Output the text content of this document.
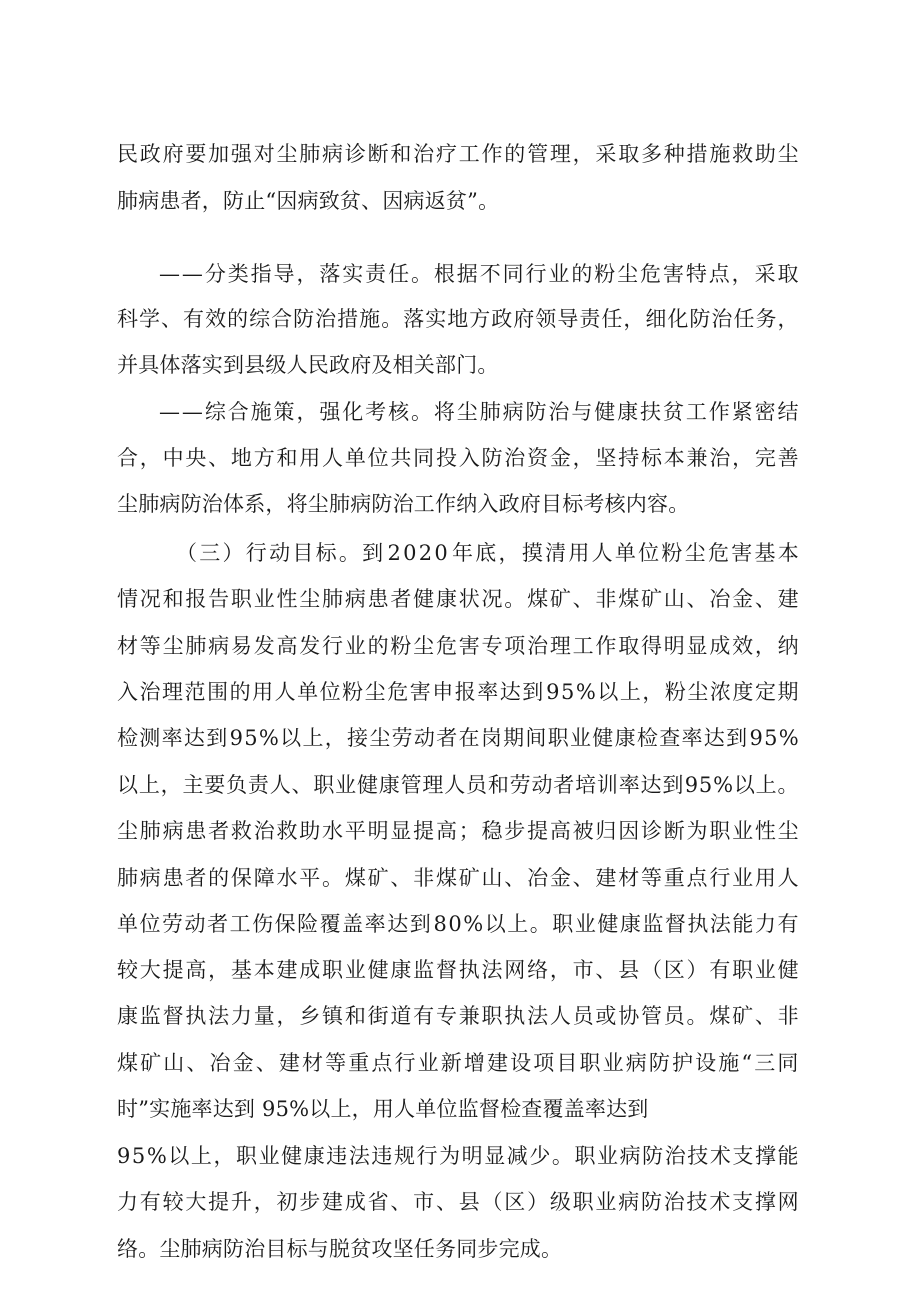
民 政 府 要 加 强 对 尘 肺 病 诊 断 和 治 疗 工 作 的 管 理 ， 采 取 多 种 措 施 救 助 尘
肺病患者，防止“因病致贫、因病返贫”。
— — 分 类 指 导 ， 落 实 责 任 。 根 据 不 同 行 业 的 粉 尘 危 害 特 点 ， 采 取
科 学 、 有 效 的 综 合 防 治 措 施 。 落 实 地 方 政 府 领 导 责 任 ， 细 化 防 治 任 务 ，
并具体落实到县级人民政府及相关部门。
— — 综 合 施 策 ， 强 化 考 核 。 将 尘 肺 病 防 治 与 健 康 扶 贫 工 作 紧 密 结
合 ， 中 央 、 地 方 和 用 人 单 位 共 同 投 入 防 治 资 金 ， 坚 持 标 本 兼 治 ， 完 善
尘肺病防治体系，将尘肺病防治工作纳入政府目标考核内容。
（ 三 ） 行 动 目 标 。 到 2 0 2 0 年 底 ， 摸 清 用 人 单 位 粉 尘 危 害 基 本
情 况 和 报 告 职 业 性 尘 肺 病 患 者 健 康 状 况 。 煤 矿 、 非 煤 矿 山 、 冶 金 、 建
材 等 尘 肺 病 易 发 高 发 行 业 的 粉 尘 危 害 专 项 治 理 工 作 取 得 明 显 成 效 ， 纳
入 治 理 范 围 的 用 人 单 位 粉 尘 危 害 申 报 率 达 到 9 5 % 以 上 ， 粉 尘 浓 度 定 期
检 测 率 达 到 9 5 % 以 上 ， 接 尘 劳 动 者 在 岗 期 间 职 业 健 康 检 查 率 达 到 9 5 %
以 上 ， 主 要 负 责 人 、 职 业 健 康 管 理 人 员 和 劳 动 者 培 训 率 达 到 9 5 % 以 上 。
尘 肺 病 患 者 救 治 救 助 水 平 明 显 提 高 ； 稳 步 提 高 被 归 因 诊 断 为 职 业 性 尘
肺 病 患 者 的 保 障 水 平 。 煤 矿 、 非 煤 矿 山 、 冶 金 、 建 材 等 重 点 行 业 用 人
单 位 劳 动 者 工 伤 保 险 覆 盖 率 达 到 8 0 % 以 上 。 职 业 健 康 监 督 执 法 能 力 有
较 大 提 高 ， 基 本 建 成 职 业 健 康 监 督 执 法 网 络 ， 市 、 县 （ 区 ） 有 职 业 健
康 监 督 执 法 力 量 ， 乡 镇 和 街 道 有 专 兼 职 执 法 人 员 或 协 管 员 。 煤 矿 、 非
煤 矿 山 、 冶 金 、 建 材 等 重 点 行 业 新 增 建 设 项 目 职 业 病 防 护 设 施 “ 三 同
时”实施率达到 95%以上，用人单位监督检查覆盖率达到
9 5 % 以 上 ， 职 业 健 康 违 法 违 规 行 为 明 显 减 少 。 职 业 病 防 治 技 术 支 撑 能
力 有 较 大 提 升 ， 初 步 建 成 省 、 市 、 县 （ 区 ） 级 职 业 病 防 治 技 术 支 撑 网
络。尘肺病防治目标与脱贫攻坚任务同步完成。
